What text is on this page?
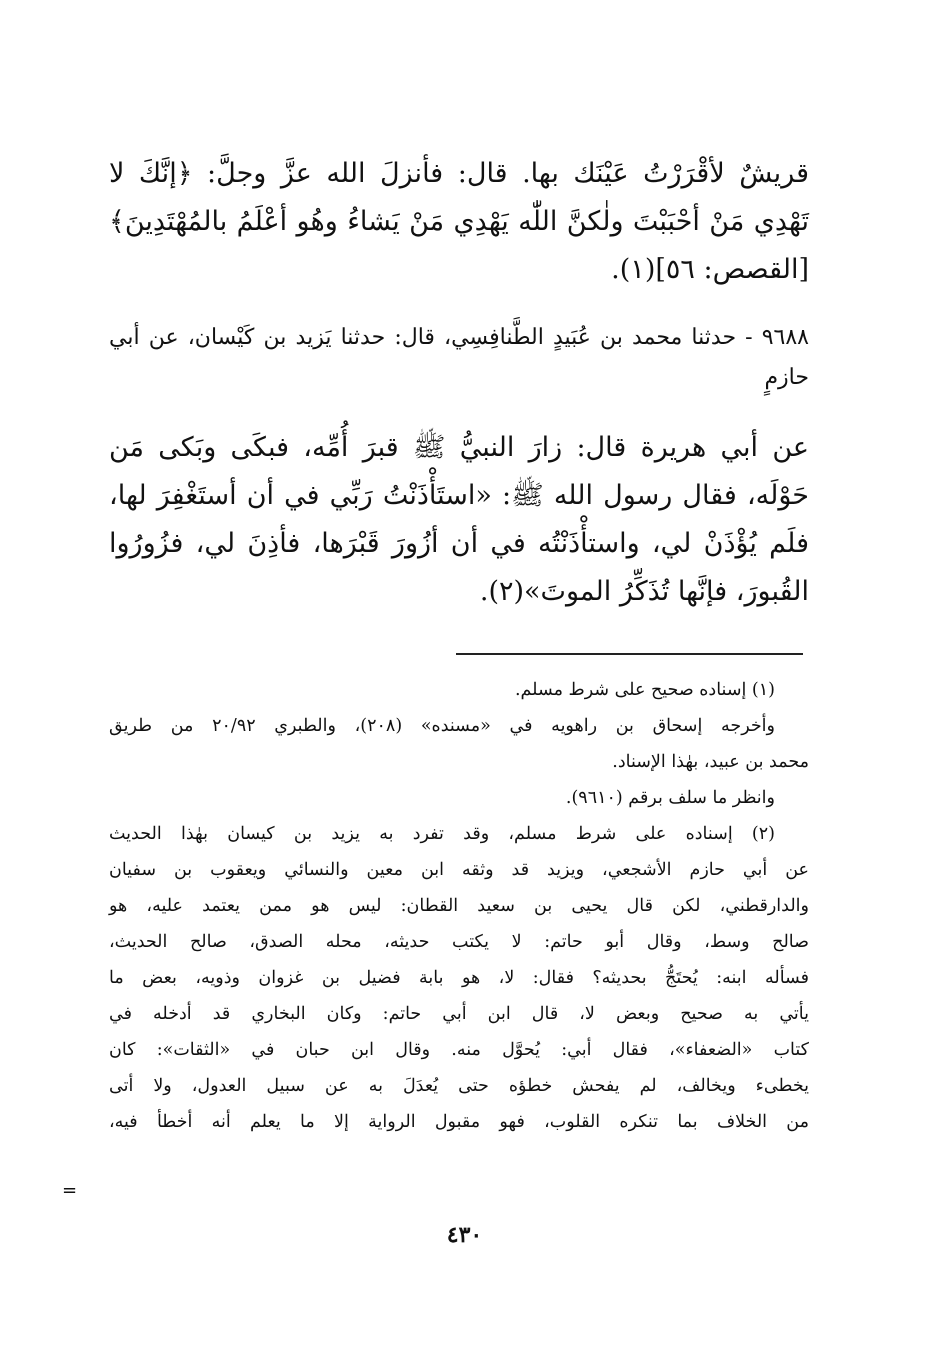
قريشٌ لأقْرَرْتُ عَيْنَك بها. قال: فأنزلَ الله عزَّ وجلَّ: ﴿إنَّكَ لا تَهْدِي مَنْ أحْبَبْتَ ولٰكنَّ اللّٰه يَهْدِي مَنْ يَشاءُ وهُو أعْلَمُ بالمُهْتَدِينَ﴾ [القصص: ٥٦](١).

٩٦٨٨ - حدثنا محمد بن عُبَيدٍ الطَّنافِسِي، قال: حدثنا يَزيد بن كَيْسان، عن أبي حازمٍ

عن أبي هريرة قال: زارَ النبيُّ ﷺ قبرَ أُمِّه، فبكَى وبَكى مَن حَوْلَه، فقال رسول الله ﷺ: «استَأْذَنْتُ رَبِّي في أن أستَغْفِرَ لها، فلَم يُؤْذَنْ لي، واستأْذَنْتُه في أن أزُورَ قَبْرَها، فأذِنَ لي، فزُورُوا القُبورَ، فإنَّها تُذَكِّرُ الموتَ»(٢).

(١) إسناده صحيح على شرط مسلم.
وأخرجه إسحاق بن راهويه في «مسنده» (٢٠٨)، والطبري ٢٠/٩٢ من طريق
محمد بن عبيد، بهٰذا الإسناد.
وانظر ما سلف برقم (٩٦١٠).
(٢) إسناده على شرط مسلم، وقد تفرد به يزيد بن كيسان بهٰذا الحديث
عن أبي حازم الأشجعي، ويزيد قد وثقه ابن معين والنسائي ويعقوب بن سفيان
والدارقطني، لكن قال يحيى بن سعيد القطان: ليس هو ممن يعتمد عليه، هو
صالح وسط، وقال أبو حاتم: لا يكتب حديثه، محله الصدق، صالح الحديث،
فسأله ابنه: يُحتَجُّ بحديثه؟ فقال: لا، هو بابة فضيل بن غزوان وذويه، بعض ما
يأتي به صحيح وبعض لا، قال ابن أبي حاتم: وكان البخاري قد أدخله في
كتاب «الضعفاء»، فقال أبي: يُحوَّل منه. وقال ابن حبان في «الثقات»: كان
يخطىء ويخالف، لم يفحش خطؤه حتى يُعدَلَ به عن سبيل العدول، ولا أتى
من الخلاف بما تنكره القلوب، فهو مقبول الرواية إلا ما يعلم أنه أخطأ فيه،
=
٤٣٠
